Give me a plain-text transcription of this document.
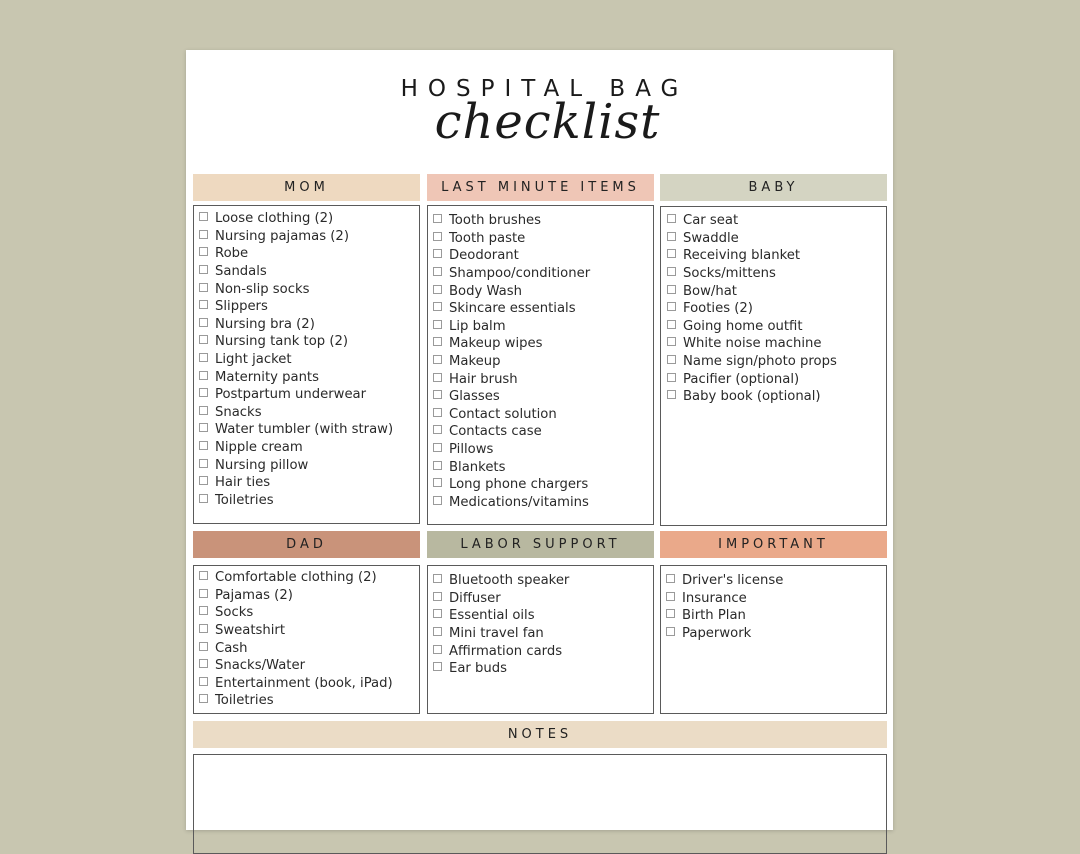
HOSPITAL BAG
checklist
MOM
Loose clothing (2)
Nursing pajamas (2)
Robe
Sandals
Non-slip socks
Slippers
Nursing bra (2)
Nursing tank top (2)
Light jacket
Maternity pants
Postpartum underwear
Snacks
Water tumbler (with straw)
Nipple cream
Nursing pillow
Hair ties
Toiletries
LAST MINUTE ITEMS
Tooth brushes
Tooth paste
Deodorant
Shampoo/conditioner
Body Wash
Skincare essentials
Lip balm
Makeup wipes
Makeup
Hair brush
Glasses
Contact solution
Contacts case
Pillows
Blankets
Long phone chargers
Medications/vitamins
BABY
Car seat
Swaddle
Receiving blanket
Socks/mittens
Bow/hat
Footies (2)
Going home outfit
White noise machine
Name sign/photo props
Pacifier (optional)
Baby book (optional)
DAD
Comfortable clothing (2)
Pajamas (2)
Socks
Sweatshirt
Cash
Snacks/Water
Entertainment (book, iPad)
Toiletries
LABOR SUPPORT
Bluetooth speaker
Diffuser
Essential oils
Mini travel fan
Affirmation cards
Ear buds
IMPORTANT
Driver's license
Insurance
Birth Plan
Paperwork
NOTES
